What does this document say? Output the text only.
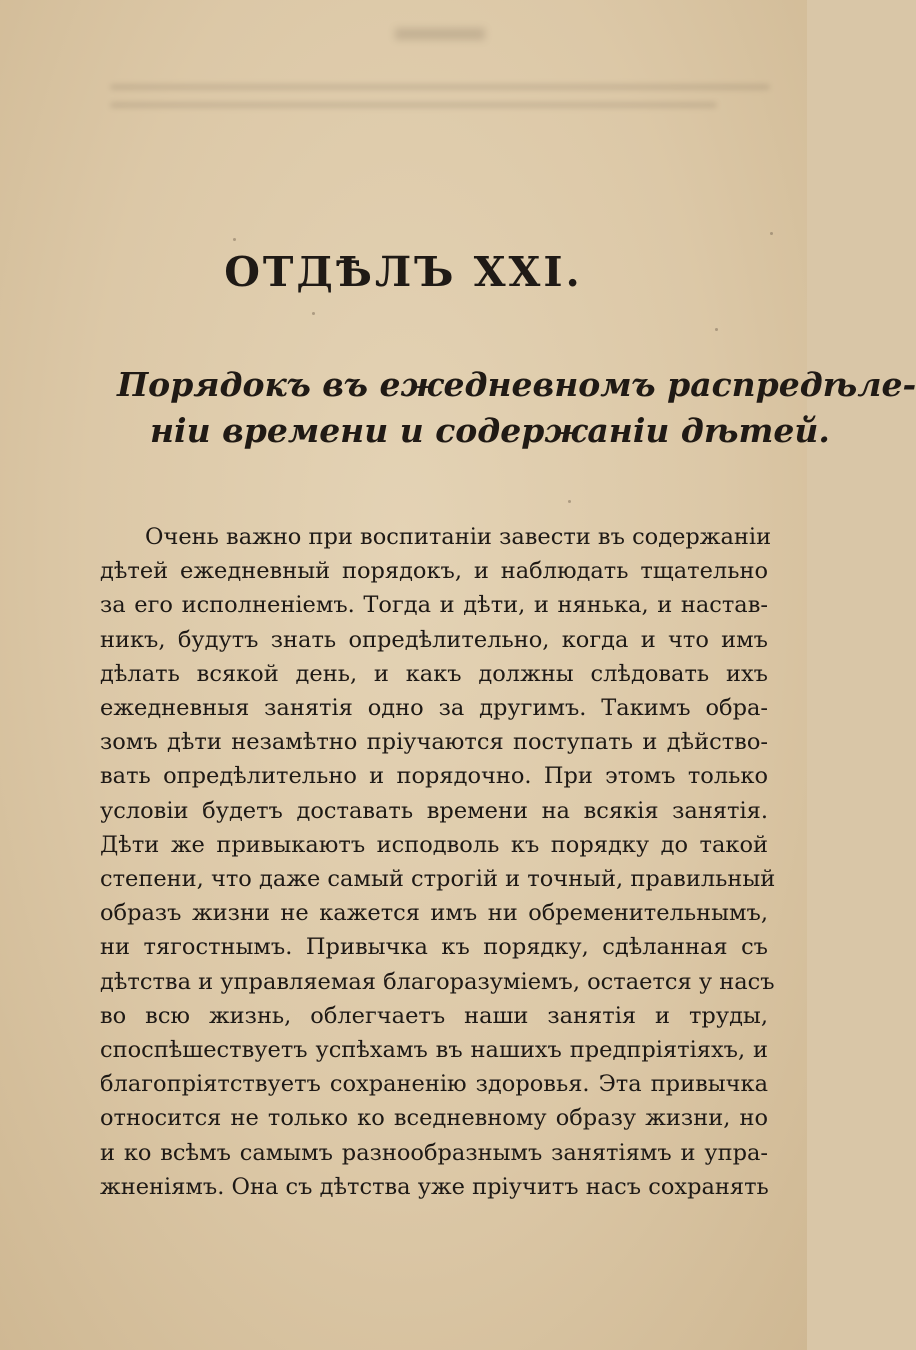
ОТДѢЛЪ XXI.
Порядокъ въ ежедневномъ распредѣле-
ніи времени и содержаніи дѣтей.
Очень важно при воспитаніи завести въ содержаніи
дѣтей ежедневный порядокъ, и наблюдать тщательно
за его исполненіемъ. Тогда и дѣти, и нянька, и настав-
никъ, будутъ знать опредѣлительно, когда и что имъ
дѣлать всякой день, и какъ должны слѣдовать ихъ
ежедневныя занятія одно за другимъ. Такимъ обра-
зомъ дѣти незамѣтно пріучаются поступать и дѣйство-
вать опредѣлительно и порядочно. При этомъ только
условіи будетъ доставать времени на всякія занятія.
Дѣти же привыкаютъ исподволь къ порядку до такой
степени, что даже самый строгій и точный, правильный
образъ жизни не кажется имъ ни обременительнымъ,
ни тягостнымъ. Привычка къ порядку, сдѣланная съ
дѣтства и управляемая благоразуміемъ, остается у насъ
во всю жизнь, облегчаетъ наши занятія и труды,
споспѣшествуетъ успѣхамъ въ нашихъ предпріятіяхъ, и
благопріятствуетъ сохраненію здоровья. Эта привычка
относится не только ко вседневному образу жизни, но
и ко всѣмъ самымъ разнообразнымъ занятіямъ и упра-
жненіямъ. Она съ дѣтства уже пріучитъ насъ сохранять
